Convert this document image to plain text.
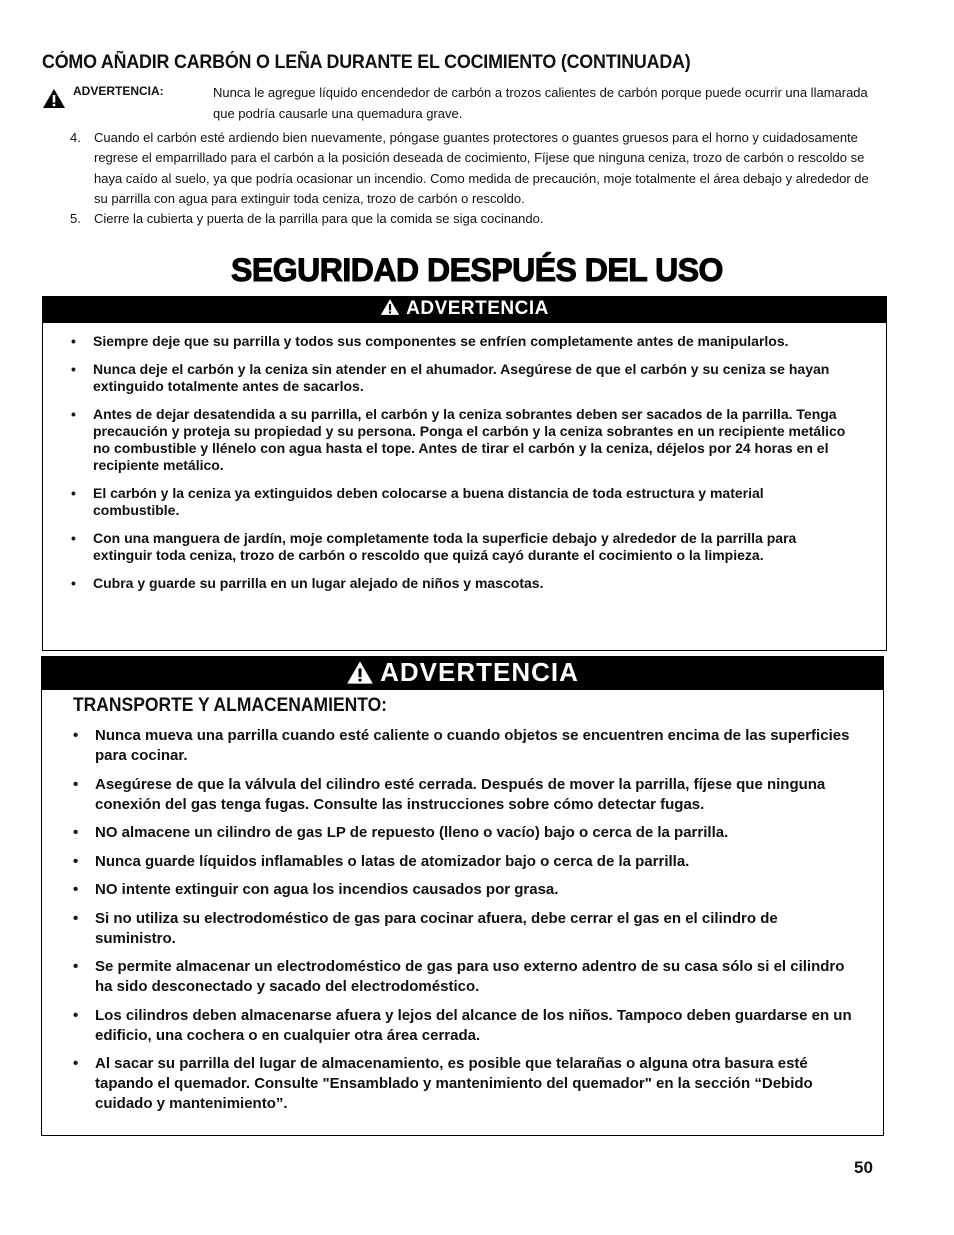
CÓMO AÑADIR CARBÓN O LEÑA DURANTE EL COCIMIENTO (CONTINUADA)
ADVERTENCIA:	Nunca le agregue líquido encendedor de carbón a trozos calientes de carbón porque puede ocurrir una llamarada que podría causarle una quemadura grave.
4. Cuando el carbón esté ardiendo bien nuevamente, póngase guantes protectores o guantes gruesos para el horno y cuidadosamente regrese el emparrillado para el carbón a la posición deseada de cocimiento, Fíjese que ninguna ceniza, trozo de carbón o rescoldo se haya caído al suelo, ya que podría ocasionar un incendio. Como medida de precaución, moje totalmente el área debajo y alrededor de su parrilla con agua para extinguir toda ceniza, trozo de carbón o rescoldo.
5. Cierre la cubierta y puerta de la parrilla para que la comida se siga cocinando.
SEGURIDAD DESPUÉS DEL USO
ADVERTENCIA
• Siempre deje que su parrilla y todos sus componentes se enfríen completamente antes de manipularlos.
• Nunca deje el carbón y la ceniza sin atender en el ahumador. Asegúrese de que el carbón y su ceniza se hayan extinguido totalmente antes de sacarlos.
• Antes de dejar desatendida a su parrilla, el carbón y la ceniza sobrantes deben ser sacados de la parrilla. Tenga precaución y proteja su propiedad y su persona. Ponga el carbón y la ceniza sobrantes en un recipiente metálico no combustible y llénelo con agua hasta el tope. Antes de tirar el carbón y la ceniza, déjelos por 24 horas en el recipiente metálico.
• El carbón y la ceniza ya extinguidos deben colocarse a buena distancia de toda estructura y material combustible.
• Con una manguera de jardín, moje completamente toda la superficie debajo y alrededor de la parrilla para extinguir toda ceniza, trozo de carbón o rescoldo que quizá cayó durante el cocimiento o la limpieza.
• Cubra y guarde su parrilla en un lugar alejado de niños y mascotas.
ADVERTENCIA
TRANSPORTE Y ALMACENAMIENTO:
• Nunca mueva una parrilla cuando esté caliente o cuando objetos se encuentren encima de las superficies para cocinar.
• Asegúrese de que la válvula del cilindro esté cerrada. Después de mover la parrilla, fíjese que ninguna conexión del gas tenga fugas. Consulte las instrucciones sobre cómo detectar fugas.
• NO almacene un cilindro de gas LP de repuesto (lleno o vacío) bajo o cerca de la parrilla.
• Nunca guarde líquidos inflamables o latas de atomizador bajo o cerca de la parrilla.
• NO intente extinguir con agua los incendios causados por grasa.
• Si no utiliza su electrodoméstico de gas para cocinar afuera, debe cerrar el gas en el cilindro de suministro.
• Se permite almacenar un electrodoméstico de gas para uso externo adentro de su casa sólo si el cilindro ha sido desconectado y sacado del electrodoméstico.
• Los cilindros deben almacenarse afuera y lejos del alcance de los niños. Tampoco deben guardarse en un edificio, una cochera o en cualquier otra área cerrada.
• Al sacar su parrilla del lugar de almacenamiento, es posible que telarañas o alguna otra basura esté tapando el quemador. Consulte "Ensamblado y mantenimiento del quemador" en la sección “Debido cuidado y mantenimiento”.
50
